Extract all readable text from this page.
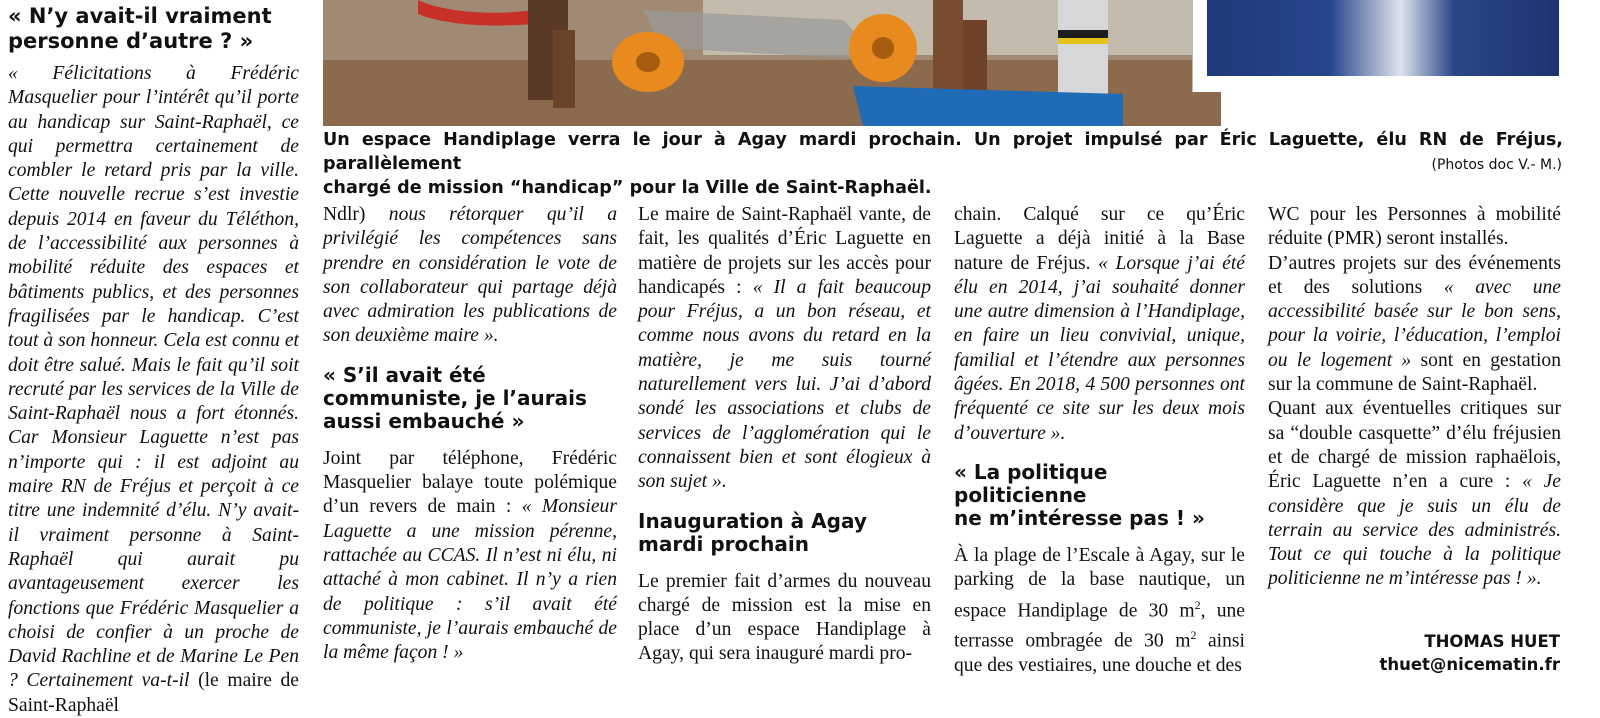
« N’y avait-il vraiment
personne d’autre ? »

« Félicitations à Frédéric Masquelier pour l’intérêt qu’il porte au handicap sur Saint-Raphaël, ce qui permettra certainement de combler le retard pris par la ville. Cette nouvelle recrue s’est investie depuis 2014 en faveur du Téléthon, de l’accessibilité aux personnes à mobilité réduite des espaces et bâtiments publics, et des personnes fragilisées par le handicap. C’est tout à son honneur. Cela est connu et doit être salué. Mais le fait qu’il soit recruté par les services de la Ville de Saint-Raphaël nous a fort étonnés. Car Monsieur Laguette n’est pas n’importe qui : il est adjoint au maire RN de Fréjus et perçoit à ce titre une indemnité d’élu. N’y avait-il vraiment personne à Saint-Raphaël qui aurait pu avantageusement exercer les fonctions que Frédéric Masquelier a choisi de confier à un proche de David Rachline et de Marine Le Pen ? Certainement va-t-il (le maire de Saint-Raphaël

Un espace Handiplage verra le jour à Agay mardi prochain. Un projet impulsé par Éric Laguette, élu RN de Fréjus, parallèlement
chargé de mission “handicap” pour la Ville de Saint-Raphaël.

(Photos doc V.- M.)

Ndlr) nous rétorquer qu’il a privilégié les compétences sans prendre en considération le vote de son collaborateur qui partage déjà avec admiration les publications de son deuxième maire ».

« S’il avait été
communiste, je l’aurais
aussi embauché »

Joint par téléphone, Frédéric Masquelier balaye toute polémique d’un revers de main : « Monsieur Laguette a une mission pérenne, rattachée au CCAS. Il n’est ni élu, ni attaché à mon cabinet. Il n’y a rien de politique : s’il avait été communiste, je l’aurais embauché de la même façon ! »

Le maire de Saint-Raphaël vante, de fait, les qualités d’Éric Laguette en matière de projets sur les accès pour handicapés : « Il a fait beaucoup pour Fréjus, a un bon réseau, et comme nous avons du retard en la matière, je me suis tourné naturellement vers lui. J’ai d’abord sondé les associations et clubs de services de l’agglomération qui le connaissent bien et sont élogieux à son sujet ».

Inauguration à Agay
mardi prochain

Le premier fait d’armes du nouveau chargé de mission est la mise en place d’un espace Handiplage à Agay, qui sera inauguré mardi pro-

chain. Calqué sur ce qu’Éric Laguette a déjà initié à la Base nature de Fréjus. « Lorsque j’ai été élu en 2014, j’ai souhaité donner une autre dimension à l’Handiplage, en faire un lieu convivial, unique, familial et l’étendre aux personnes âgées. En 2018, 4 500 personnes ont fréquenté ce site sur les deux mois d’ouverture ».

« La politique
politicienne
ne m’intéresse pas ! »

À la plage de l’Escale à Agay, sur le parking de la base nautique, un espace Handiplage de 30 $m^2$, une terrasse ombragée de 30 $m^2$ ainsi que des vestiaires, une douche et des

WC pour les Personnes à mobilité réduite (PMR) seront installés.

D’autres projets sur des événements et des solutions « avec une accessibilité basée sur le bon sens, pour la voirie, l’éducation, l’emploi ou le logement » sont en gestation sur la commune de Saint-Raphaël.

Quant aux éventuelles critiques sur sa “double casquette” d’élu fréjusien et de chargé de mission raphaëlois, Éric Laguette n’en a cure : « Je considère que je suis un élu de terrain au service des administrés. Tout ce qui touche à la politique politicienne ne m’intéresse pas ! ».

THOMAS HUET

thuet@nicematin.fr
